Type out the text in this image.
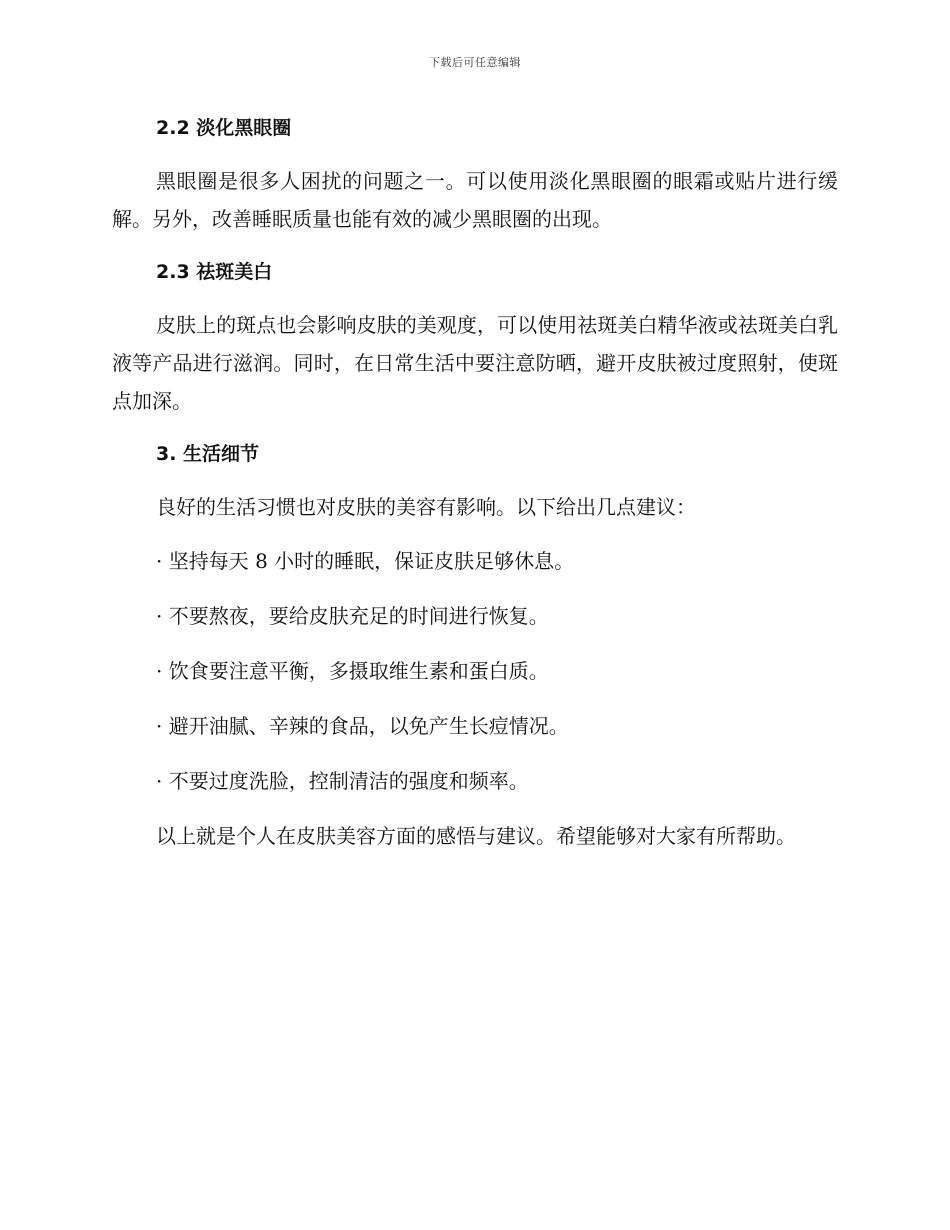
下载后可任意编辑
2.2 淡化黑眼圈

黑眼圈是很多人困扰的问题之一。可以使用淡化黑眼圈的眼霜或贴片进行缓解。另外，改善睡眠质量也能有效的减少黑眼圈的出现。

2.3 祛斑美白

皮肤上的斑点也会影响皮肤的美观度，可以使用祛斑美白精华液或祛斑美白乳液等产品进行滋润。同时，在日常生活中要注意防晒，避开皮肤被过度照射，使斑点加深。

3. 生活细节

良好的生活习惯也对皮肤的美容有影响。以下给出几点建议：

· 坚持每天 8 小时的睡眠，保证皮肤足够休息。

· 不要熬夜，要给皮肤充足的时间进行恢复。

· 饮食要注意平衡，多摄取维生素和蛋白质。

· 避开油腻、辛辣的食品，以免产生长痘情况。

· 不要过度洗脸，控制清洁的强度和频率。

以上就是个人在皮肤美容方面的感悟与建议。希望能够对大家有所帮助。
